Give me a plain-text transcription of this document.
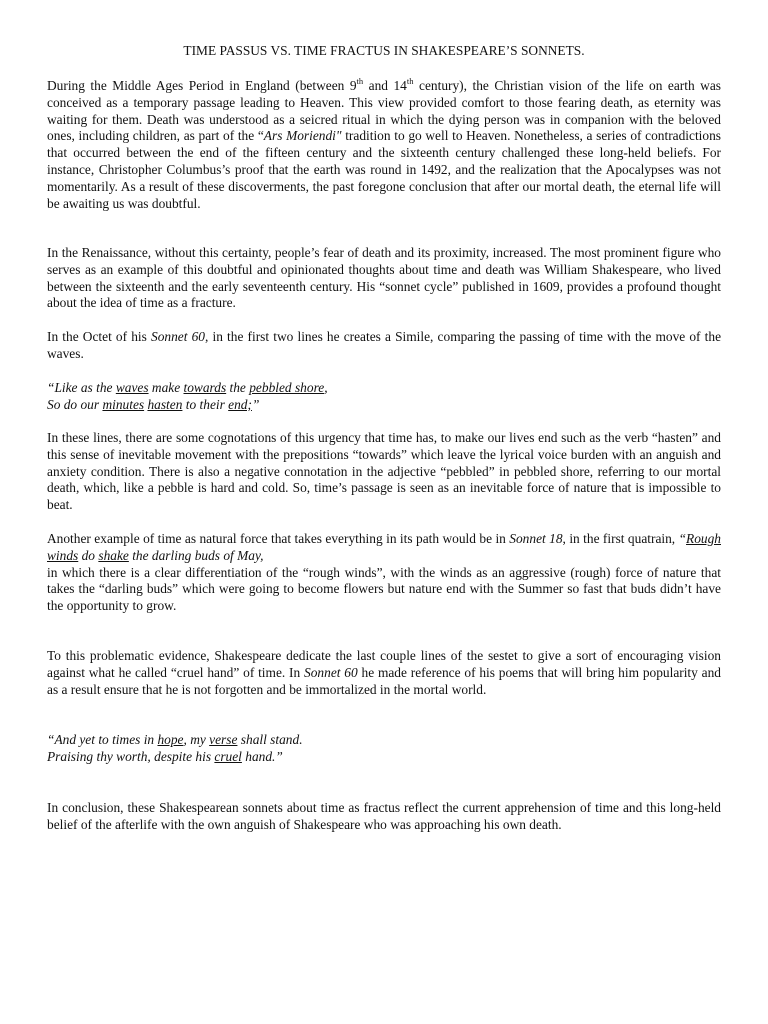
TIME PASSUS VS. TIME FRACTUS IN SHAKESPEARE’S SONNETS.

During the Middle Ages Period in England (between 9th and 14th century), the Christian vision of the life on earth was conceived as a temporary passage leading to Heaven. This view provided comfort to those fearing death, as eternity was waiting for them. Death was understood as a seicred ritual in which the dying person was in companion with the beloved ones, including children, as part of the “Ars Moriendi" tradition to go well to Heaven. Nonetheless, a series of contradictions that occurred between the end of the fifteen century and the sixteenth century challenged these long-held beliefs. For instance, Christopher Columbus’s proof that the earth was round in 1492, and the realization that the Apocalypses was not momentarily. As a result of these discoverments, the past foregone conclusion that after our mortal death, the eternal life will be awaiting us was doubtful.

In the Renaissance, without this certainty, people’s fear of death and its proximity, increased. The most prominent figure who serves as an example of this doubtful and opinionated thoughts about time and death was William Shakespeare, who lived between the sixteenth and the early seventeenth century. His “sonnet cycle” published in 1609, provides a profound thought about the idea of time as a fracture.

In the Octet of his Sonnet 60, in the first two lines he creates a Simile, comparing the passing of time with the move of the waves.

“Like as the waves make towards the pebbled shore,
So do our minutes hasten to their end;”

In these lines, there are some cognotations of this urgency that time has, to make our lives end such as the verb “hasten” and this sense of inevitable movement with the prepositions “towards” which leave the lyrical voice burden with an anguish and anxiety condition. There is also a negative connotation in the adjective “pebbled” in pebbled shore, referring to our mortal death, which, like a pebble is hard and cold. So, time’s passage is seen as an inevitable force of nature that is impossible to beat.

Another example of time as natural force that takes everything in its path would be in Sonnet 18, in the first quatrain, “Rough winds do shake the darling buds of May,
in which there is a clear differentiation of the “rough winds”, with the winds as an aggressive (rough) force of nature that takes the “darling buds” which were going to become flowers but nature end with the Summer so fast that buds didn’t have the opportunity to grow.

To this problematic evidence, Shakespeare dedicate the last couple lines of the sestet to give a sort of encouraging vision against what he called “cruel hand” of time. In Sonnet 60 he made reference of his poems that will bring him popularity and as a result ensure that he is not forgotten and be immortalized in the mortal world.

“And yet to times in hope, my verse shall stand.
Praising thy worth, despite his cruel hand.”

In conclusion, these Shakespearean sonnets about time as fractus reflect the current apprehension of time and this long-held belief of the afterlife with the own anguish of Shakespeare who was approaching his own death.
